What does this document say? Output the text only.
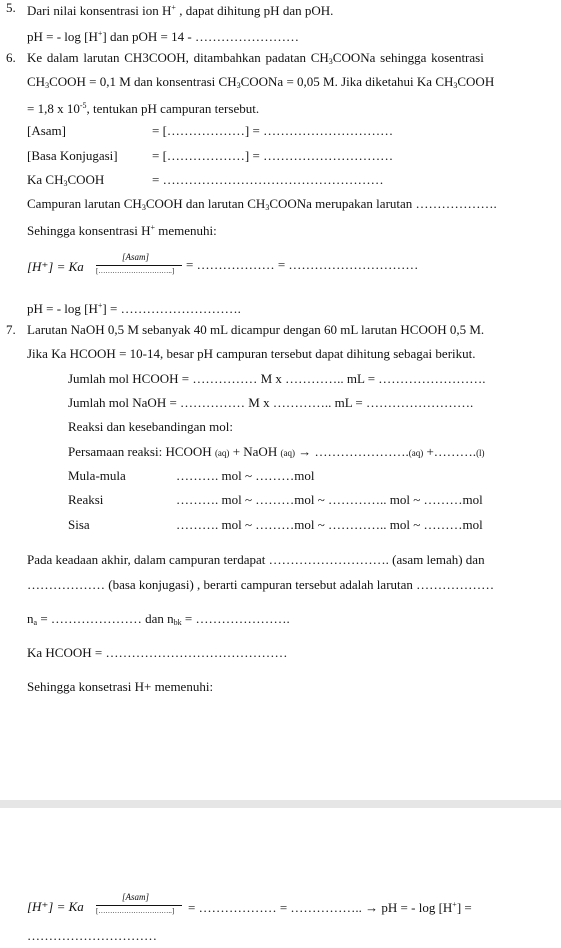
5. Dari nilai konsentrasi ion H+ , dapat dihitung pH dan pOH.
pH = - log [H+] dan pOH = 14 - ……………………
6. Ke dalam larutan CH3COOH, ditambahkan padatan $CH_3COONa$ sehingga kosentrasi
$CH_3COOH = 0,1$ M dan konsentrasi $CH_3COONa = 0,05$ M. Jika diketahui Ka $CH_3COOH$
= 1,8 x $10^{-5}$, tentukan pH campuran tersebut.
[Asam]	= [………………] = …………………………
[Basa Konjugasi]	= [………………] = …………………………
Ka $CH_3COOH$	= ……………………………………………
Campuran larutan $CH_3COOH$ dan larutan $CH_3COONa$ merupakan larutan ……………….
Sehingga konsentrasi H+ memenuhi:
[H⁺] = Ka
[Asam]
[…………………………..] = ……………… = …………………………
pH = - log [H+] = ……………………….
7. Larutan NaOH 0,5 M sebanyak 40 mL dicampur dengan 60 mL larutan HCOOH 0,5 M.
Jika Ka HCOOH = 10-14, besar pH campuran tersebut dapat dihitung sebagai berikut.
Jumlah mol HCOOH = …………… M x ………….. mL = …………………….
Jumlah mol NaOH = …………… M x ………….. mL = …………………….
Reaksi dan kesebandingan mol:
Persamaan reaksi: HCOOH (aq) + NaOH (aq) → ………………….(aq) +……….(l)
Mula-mula	………. mol ~ ………mol
Reaksi	………. mol ~ ………mol ~ ………….. mol ~ ………mol
Sisa	………. mol ~ ………mol ~ ………….. mol ~ ………mol
Pada keadaan akhir, dalam campuran terdapat ………………………. (asam lemah) dan
……………… (basa konjugasi) , berarti campuran tersebut adalah larutan ………………
$n_a$ = ………………… dan $n_{bk}$ = ………………….
Ka HCOOH = ……………………………………
Sehingga konsetrasi H+ memenuhi:
[H⁺] = Ka
[Asam]
[…………………………..] = ……………… = …………….. → pH = - log [H+] =
…………………………
